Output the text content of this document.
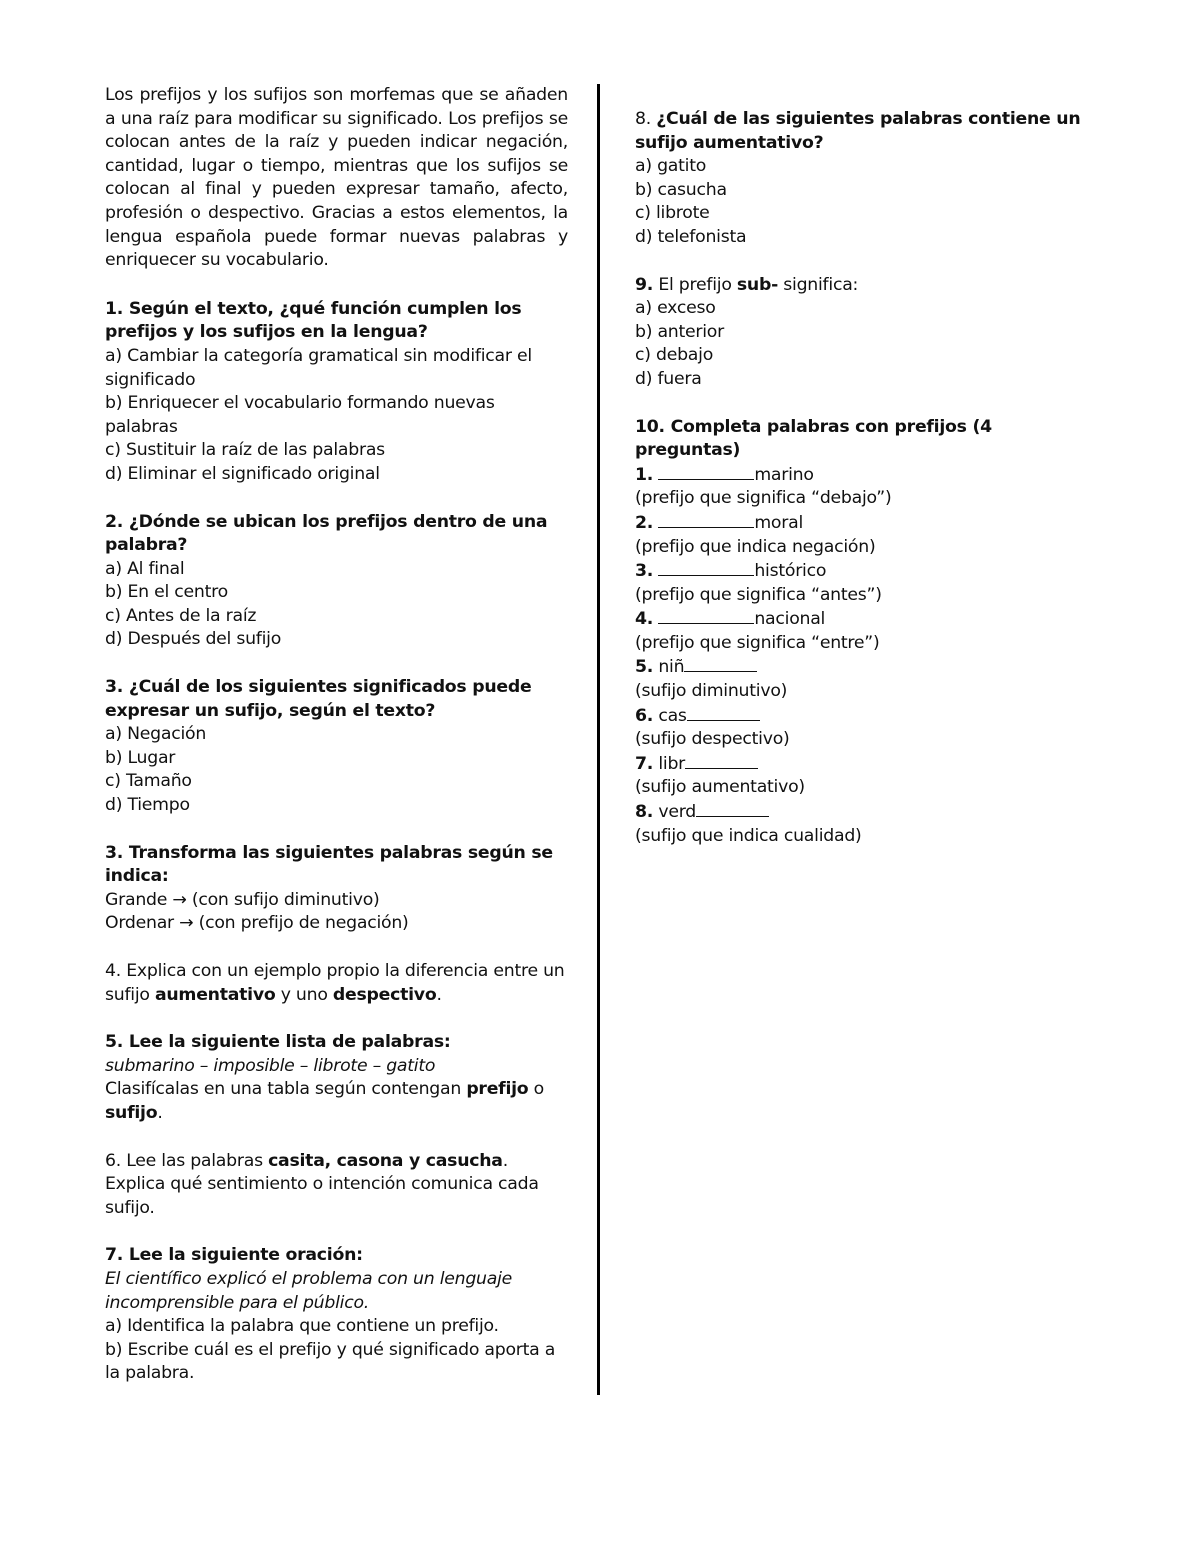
Los prefijos y los sufijos son morfemas que se añaden a una raíz para modificar su significado. Los prefijos se colocan antes de la raíz y pueden indicar negación, cantidad, lugar o tiempo, mientras que los sufijos se colocan al final y pueden expresar tamaño, afecto, profesión o despectivo. Gracias a estos elementos, la lengua española puede formar nuevas palabras y enriquecer su vocabulario.

1. Según el texto, ¿qué función cumplen los prefijos y los sufijos en la lengua?

a) Cambiar la categoría gramatical sin modificar el significado

b) Enriquecer el vocabulario formando nuevas palabras

c) Sustituir la raíz de las palabras

d) Eliminar el significado original

2. ¿Dónde se ubican los prefijos dentro de una palabra?

a) Al final

b) En el centro

c) Antes de la raíz

d) Después del sufijo

3. ¿Cuál de los siguientes significados puede expresar un sufijo, según el texto?

a) Negación

b) Lugar

c) Tamaño

d) Tiempo

3. Transforma las siguientes palabras según se indica:

Grande → (con sufijo diminutivo)

Ordenar → (con prefijo de negación)

4. Explica con un ejemplo propio la diferencia entre un sufijo aumentativo y uno despectivo.

5. Lee la siguiente lista de palabras:

submarino – imposible – librote – gatito

Clasifícalas en una tabla según contengan prefijo o sufijo.

6. Lee las palabras casita, casona y casucha. Explica qué sentimiento o intención comunica cada sufijo.

7. Lee la siguiente oración:

El científico explicó el problema con un lenguaje incomprensible para el público.

a) Identifica la palabra que contiene un prefijo.

b) Escribe cuál es el prefijo y qué significado aporta a la palabra.

8. ¿Cuál de las siguientes palabras contiene un sufijo aumentativo?

a) gatito

b) casucha

c) librote

d) telefonista

9. El prefijo sub- significa:

a) exceso

b) anterior

c) debajo

d) fuera

10. Completa palabras con prefijos (4 preguntas)

1.	marino

(prefijo que significa “debajo”)

2.	moral

(prefijo que indica negación)

3.	histórico

(prefijo que significa “antes”)

4.	nacional

(prefijo que significa “entre”)

5. niñ

(sufijo diminutivo)

6. cas

(sufijo despectivo)

7. libr

(sufijo aumentativo)

8. verd

(sufijo que indica cualidad)
